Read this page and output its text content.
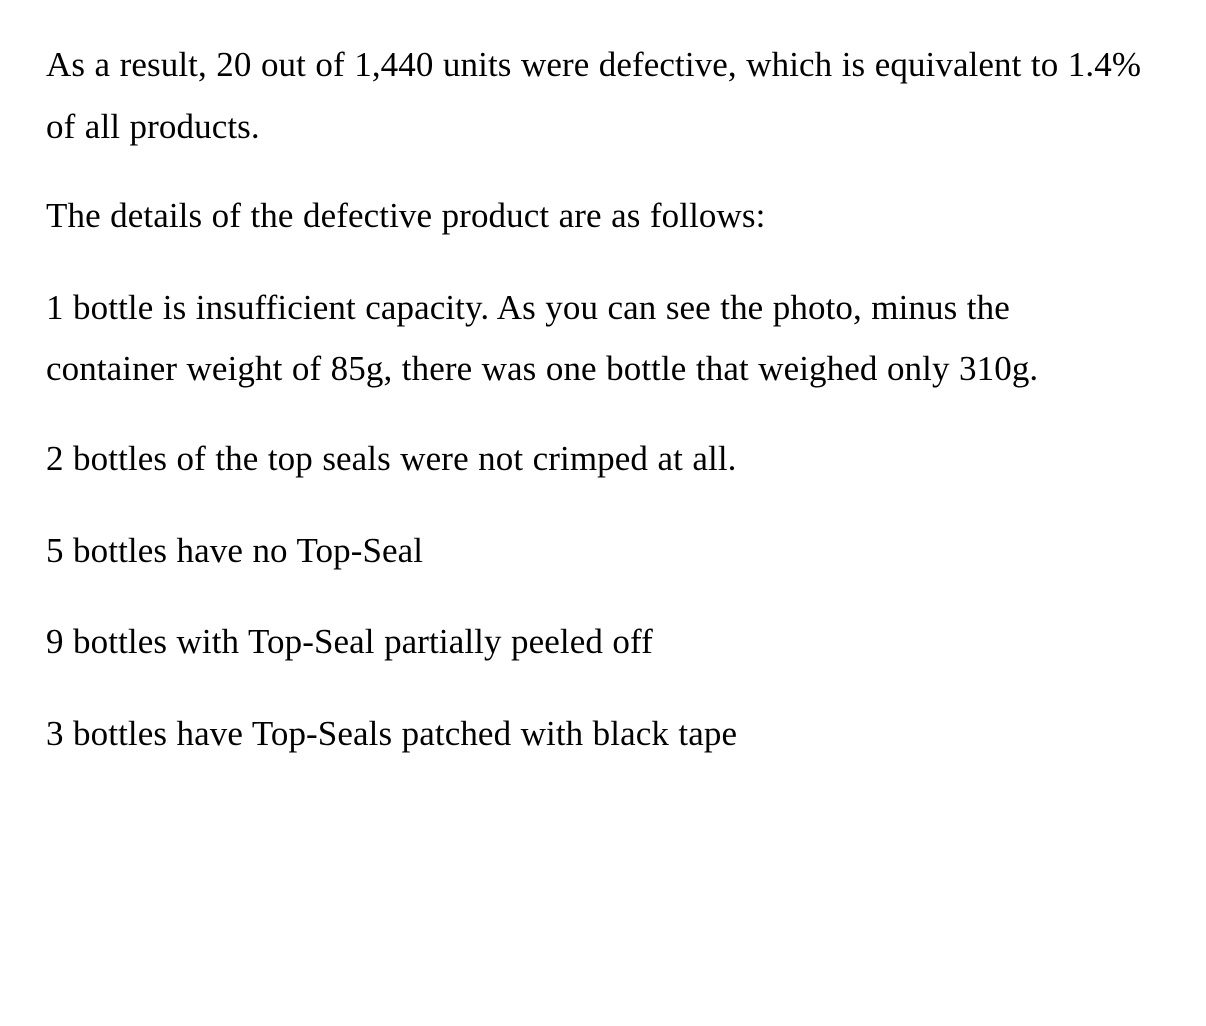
As a result, 20 out of 1,440 units were defective, which is equivalent to 1.4% of all products.

The details of the defective product are as follows:

1 bottle is insufficient capacity. As you can see the photo, minus the container weight of 85g, there was one bottle that weighed only 310g.

2 bottles of the top seals were not crimped at all.

5 bottles have no Top-Seal

9 bottles with Top-Seal partially peeled off

3 bottles have Top-Seals patched with black tape
